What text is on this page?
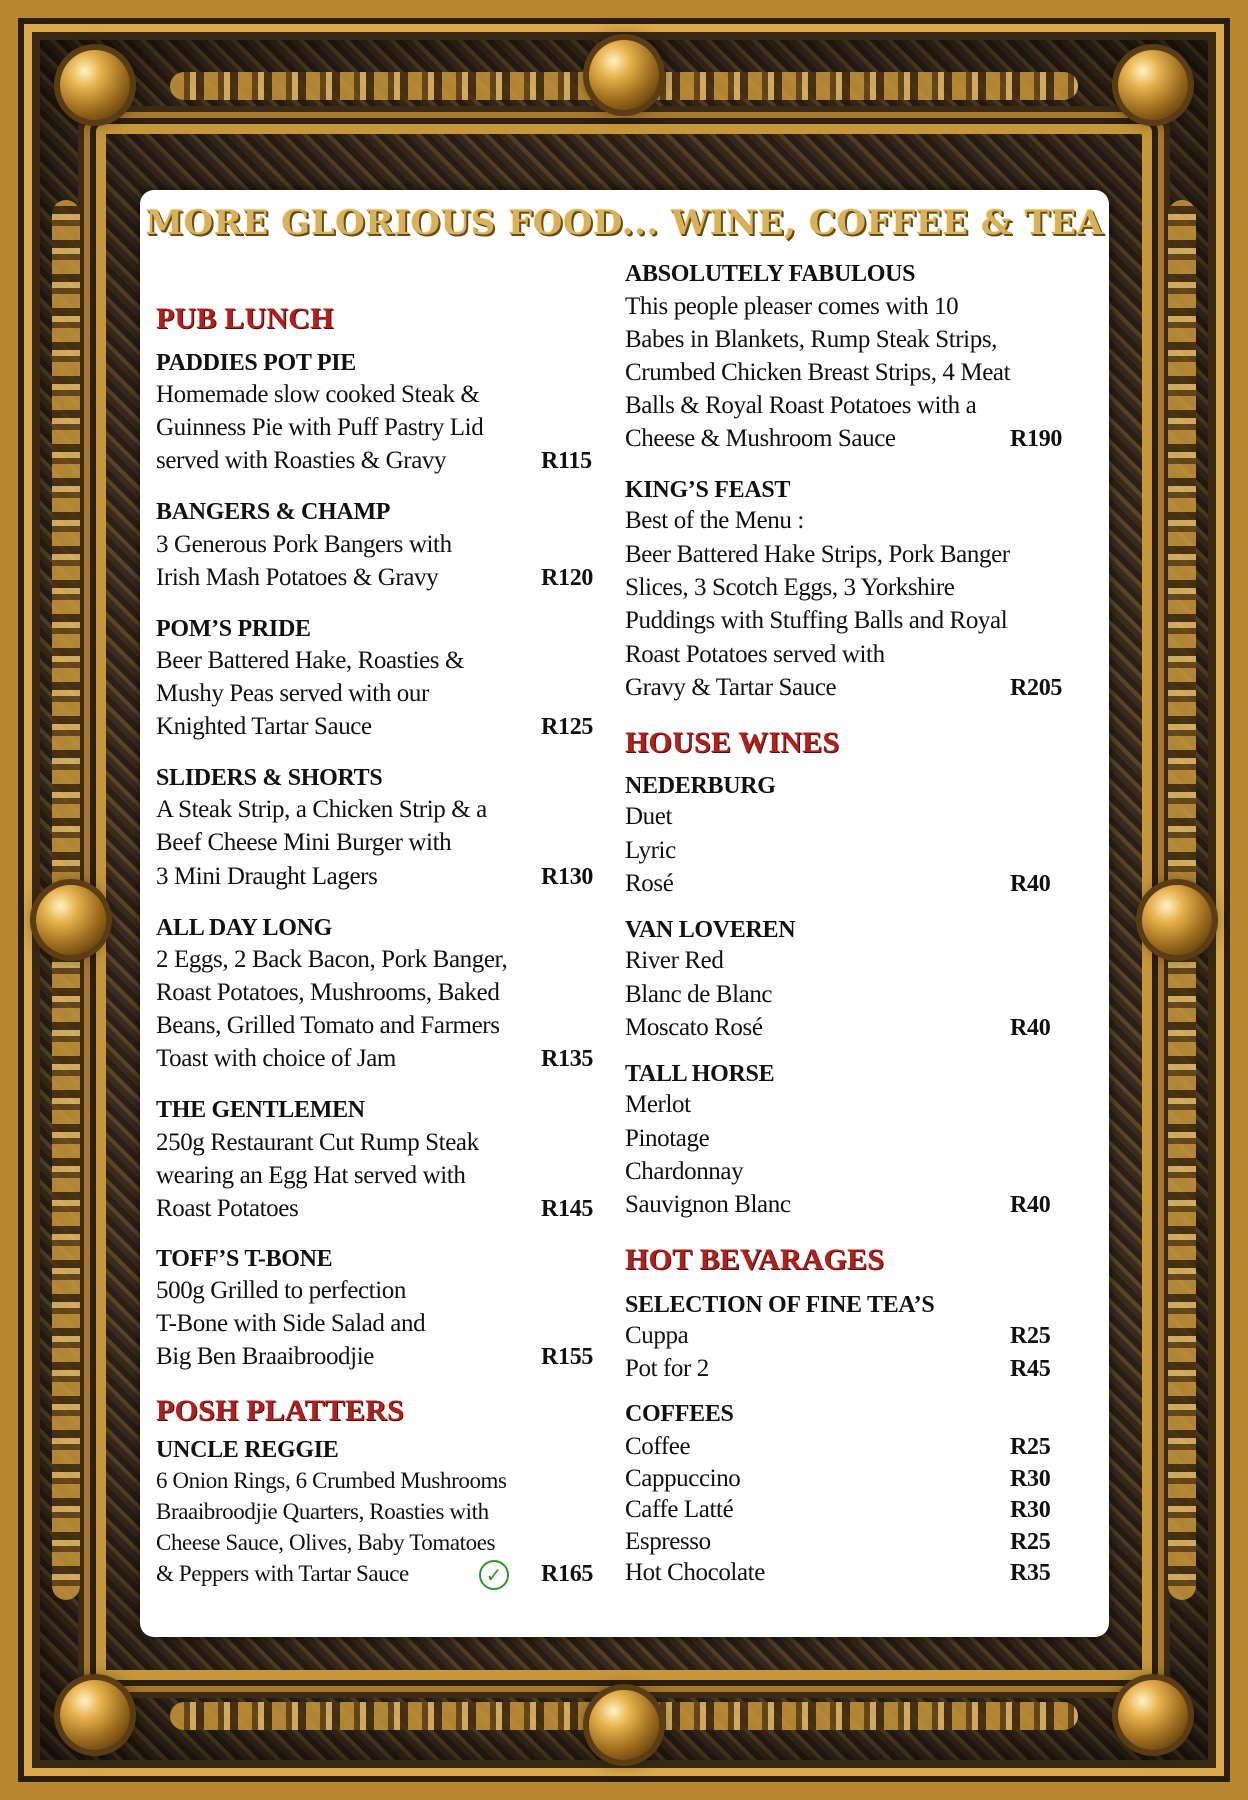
MORE GLORIOUS FOOD... WINE, COFFEE & TEA
PUB LUNCH
PADDIES POT PIE
Homemade slow cooked Steak &
Guinness Pie with Puff Pastry Lid
served with Roasties & Gravy	R115
BANGERS & CHAMP
3 Generous Pork Bangers with
Irish Mash Potatoes & Gravy	R120
POM’S PRIDE
Beer Battered Hake, Roasties &
Mushy Peas served with our
Knighted Tartar Sauce	R125
SLIDERS & SHORTS
A Steak Strip, a Chicken Strip & a
Beef Cheese Mini Burger with
3 Mini Draught Lagers	R130
ALL DAY LONG
2 Eggs, 2 Back Bacon, Pork Banger,
Roast Potatoes, Mushrooms, Baked
Beans, Grilled Tomato and Farmers
Toast with choice of Jam	R135
THE GENTLEMEN
250g Restaurant Cut Rump Steak
wearing an Egg Hat served with
Roast Potatoes	R145
TOFF’S T-BONE
500g Grilled to perfection
T-Bone with Side Salad and
Big Ben Braaibroodjie	R155
POSH PLATTERS
UNCLE REGGIE
6 Onion Rings, 6 Crumbed Mushrooms
Braaibroodjie Quarters, Roasties with
Cheese Sauce, Olives, Baby Tomatoes
& Peppers with Tartar Sauce	✓ R165
ABSOLUTELY FABULOUS
This people pleaser comes with 10
Babes in Blankets, Rump Steak Strips,
Crumbed Chicken Breast Strips, 4 Meat
Balls & Royal Roast Potatoes with a
Cheese & Mushroom Sauce	R190
KING’S FEAST
Best of the Menu :
Beer Battered Hake Strips, Pork Banger
Slices, 3 Scotch Eggs, 3 Yorkshire
Puddings with Stuffing Balls and Royal
Roast Potatoes served with
Gravy & Tartar Sauce	R205
HOUSE WINES
NEDERBURG
Duet
Lyric
Rosé	R40
VAN LOVEREN
River Red
Blanc de Blanc
Moscato Rosé	R40
TALL HORSE
Merlot
Pinotage
Chardonnay
Sauvignon Blanc	R40
HOT BEVARAGES
SELECTION OF FINE TEA’S
Cuppa	R25
Pot for 2	R45
COFFEES
Coffee	R25
Cappuccino	R30
Caffe Latté	R30
Espresso	R25
Hot Chocolate	R35
